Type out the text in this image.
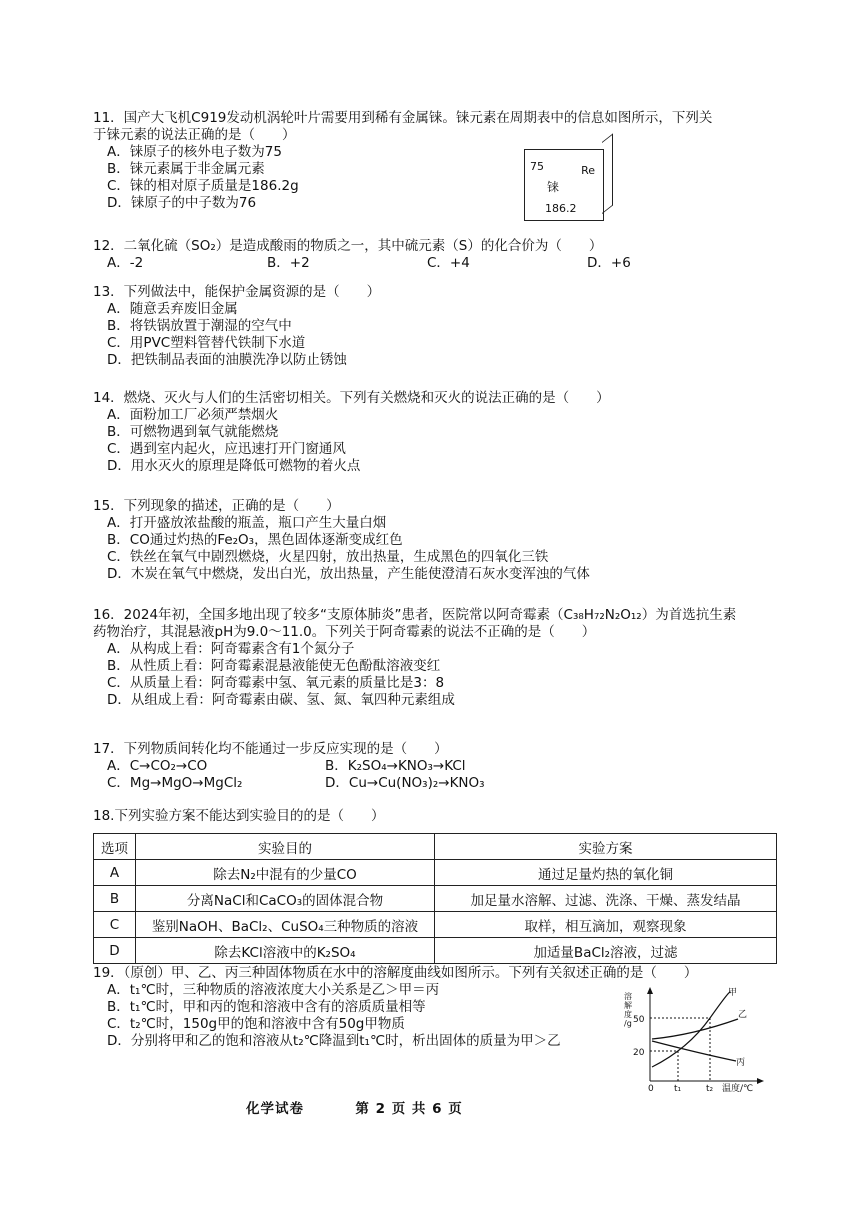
11．国产大飞机C919发动机涡轮叶片需要用到稀有金属铼。铼元素在周期表中的信息如图所示，下列关
于铼元素的说法正确的是（　　）
A．铼原子的核外电子数为75
B．铼元素属于非金属元素
C．铼的相对原子质量是186.2g
D．铼原子的中子数为76
75	Re
铼
186.2
12．二氧化硫（SO₂）是造成酸雨的物质之一，其中硫元素（S）的化合价为（　　）
A．-2	B．+2	C．+4	D．+6
13．下列做法中，能保护金属资源的是（　　）
A．随意丢弃废旧金属
B．将铁锅放置于潮湿的空气中
C．用PVC塑料管替代铁制下水道
D．把铁制品表面的油膜洗净以防止锈蚀
14．燃烧、灭火与人们的生活密切相关。下列有关燃烧和灭火的说法正确的是（　　）
A．面粉加工厂必须严禁烟火
B．可燃物遇到氧气就能燃烧
C．遇到室内起火，应迅速打开门窗通风
D．用水灭火的原理是降低可燃物的着火点
15．下列现象的描述，正确的是（　　）
A．打开盛放浓盐酸的瓶盖，瓶口产生大量白烟
B．CO通过灼热的Fe₂O₃，黑色固体逐渐变成红色
C．铁丝在氧气中剧烈燃烧，火星四射，放出热量，生成黑色的四氧化三铁
D．木炭在氧气中燃烧，发出白光，放出热量，产生能使澄清石灰水变浑浊的气体
16．2024年初，全国多地出现了较多“支原体肺炎”患者，医院常以阿奇霉素（C₃₈H₇₂N₂O₁₂）为首选抗生素
药物治疗，其混悬液pH为9.0～11.0。下列关于阿奇霉素的说法不正确的是（　　）
A．从构成上看：阿奇霉素含有1个氮分子
B．从性质上看：阿奇霉素混悬液能使无色酚酞溶液变红
C．从质量上看：阿奇霉素中氢、氧元素的质量比是3：8
D．从组成上看：阿奇霉素由碳、氢、氮、氧四种元素组成
17．下列物质间转化均不能通过一步反应实现的是（　　）
A．C→CO₂→CO	B．K₂SO₄→KNO₃→KCl
C．Mg→MgO→MgCl₂	D．Cu→Cu(NO₃)₂→KNO₃
18.下列实验方案不能达到实验目的的是（　　）
选项	实验目的	实验方案
A	除去N₂中混有的少量CO	通过足量灼热的氧化铜
B	分离NaCl和CaCO₃的固体混合物	加足量水溶解、过滤、洗涤、干燥、蒸发结晶
C	鉴别NaOH、BaCl₂、CuSO₄三种物质的溶液	取样，相互滴加，观察现象
D	除去KCl溶液中的K₂SO₄	加适量BaCl₂溶液，过滤
19．（原创）甲、乙、丙三种固体物质在水中的溶解度曲线如图所示。下列有关叙述正确的是（　　）
A．t₁℃时，三种物质的溶液浓度大小关系是乙＞甲＝丙
B．t₁℃时，甲和丙的饱和溶液中含有的溶质质量相等
C．t₂℃时，150g甲的饱和溶液中含有50g甲物质
D．分别将甲和乙的饱和溶液从t₂℃降温到t₁℃时，析出固体的质量为甲＞乙
溶解度/g 50
20
0 t₁	t₂ 温度/℃
甲
乙
丙
化学试卷	第 2 页 共 6 页
